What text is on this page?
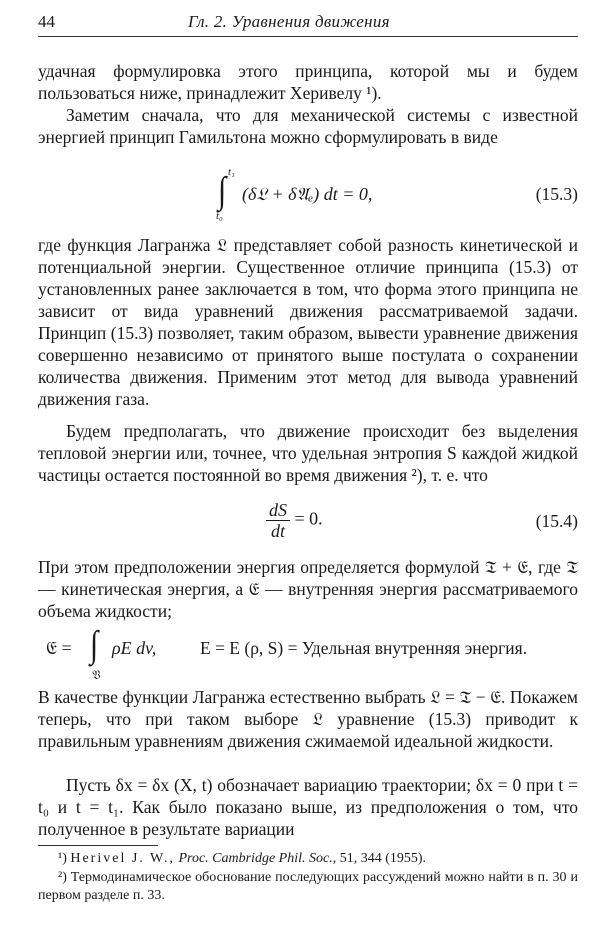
44	Гл. 2. Уравнения движения

удачная формулировка этого принципа, которой мы и будем пользоваться ниже, принадлежит Херивелу ¹).

Заметим сначала, что для механической системы с известной энергией принцип Гамильтона можно сформулировать в виде

t₁
∫
t₀
(δ𝔏 + δ𝔄ₑ) dt = 0,	(15.3)

где функция Лагранжа 𝔏 представляет собой разность кинетической и потенциальной энергии. Существенное отличие принципа (15.3) от установленных ранее заключается в том, что форма этого принципа не зависит от вида уравнений движения рассматриваемой задачи. Принцип (15.3) позволяет, таким образом, вывести уравнение движения совершенно независимо от принятого выше постулата о сохранении количества движения. Применим этот метод для вывода уравнений движения газа.

Будем предполагать, что движение происходит без выделения тепловой энергии или, точнее, что удельная энтропия S каждой жидкой частицы остается постоянной во время движения ²), т. е. что

$\frac{dS}{dt} = 0$.	(15.4)

При этом предположении энергия определяется формулой 𝔗 + 𝔈, где 𝔗 — кинетическая энергия, а 𝔈 — внутренняя энергия рассматриваемого объема жидкости;

𝔈 = ∫
𝔙
ρE dv, E = E (ρ, S) = Удельная внутренняя энергия.

В качестве функции Лагранжа естественно выбрать 𝔏 = 𝔗 − 𝔈. Покажем теперь, что при таком выборе 𝔏 уравнение (15.3) приводит к правильным уравнениям движения сжимаемой идеальной жидкости.

Пусть δx = δx (X, t) обозначает вариацию траектории; δx = 0 при t = t₀ и t = t₁. Как было показано выше, из предположения о том, что полученное в результате вариации

¹) Herivel J. W., Proc. Cambridge Phil. Soc., 51, 344 (1955).
²) Термодинамическое обоснование последующих рассуждений можно найти в п. 30 и первом разделе п. 33.
